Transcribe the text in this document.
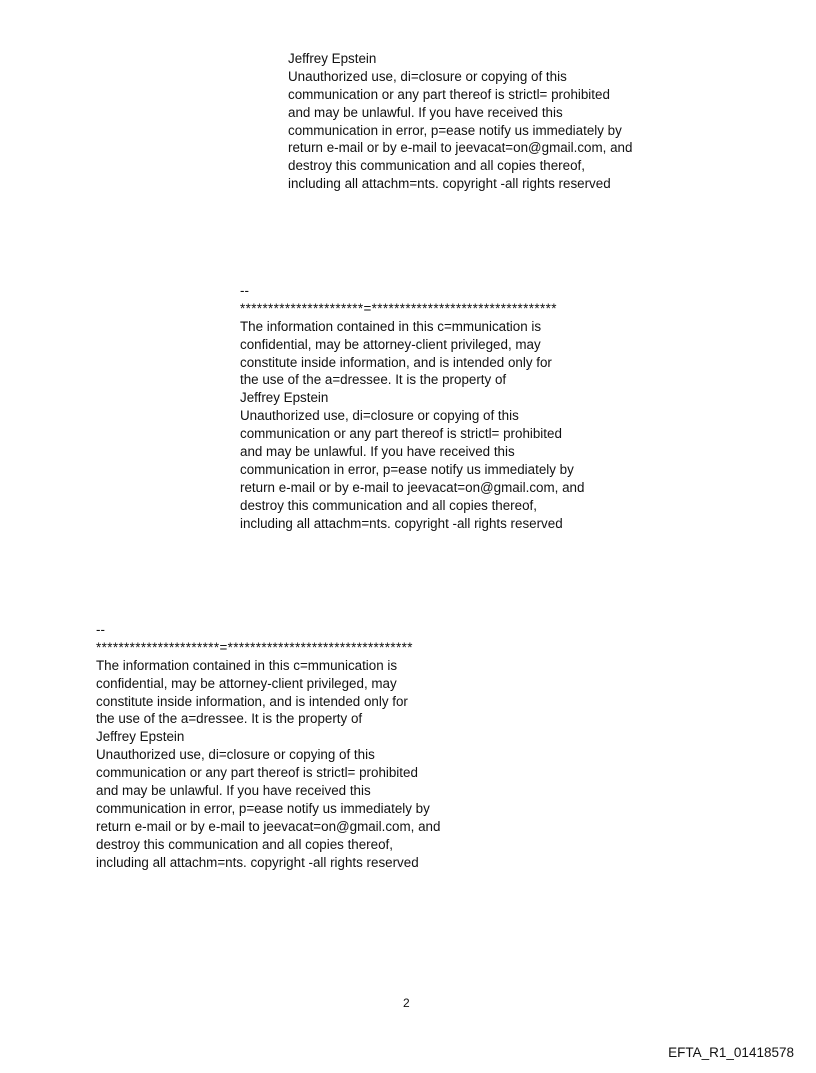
Jeffrey Epstein
Unauthorized use, di=closure or copying of this
communication or any part thereof is strictl= prohibited
and may be unlawful. If you have received this
communication in error, p=ease notify us immediately by
return e-mail or by e-mail to jeevacat=on@gmail.com, and
destroy this communication and all copies thereof,
including all attachm=nts. copyright -all rights reserved
--
**********************=*********************************
The information contained in this c=mmunication is
confidential, may be attorney-client privileged, may
constitute inside information, and is intended only for
the use of the a=dressee. It is the property of
Jeffrey Epstein
Unauthorized use, di=closure or copying of this
communication or any part thereof is strictl= prohibited
and may be unlawful. If you have received this
communication in error, p=ease notify us immediately by
return e-mail or by e-mail to jeevacat=on@gmail.com, and
destroy this communication and all copies thereof,
including all attachm=nts. copyright -all rights reserved
--
**********************=*********************************
The information contained in this c=mmunication is
confidential, may be attorney-client privileged, may
constitute inside information, and is intended only for
the use of the a=dressee. It is the property of
Jeffrey Epstein
Unauthorized use, di=closure or copying of this
communication or any part thereof is strictl= prohibited
and may be unlawful. If you have received this
communication in error, p=ease notify us immediately by
return e-mail or by e-mail to jeevacat=on@gmail.com, and
destroy this communication and all copies thereof,
including all attachm=nts. copyright -all rights reserved
2
EFTA_R1_01418578
